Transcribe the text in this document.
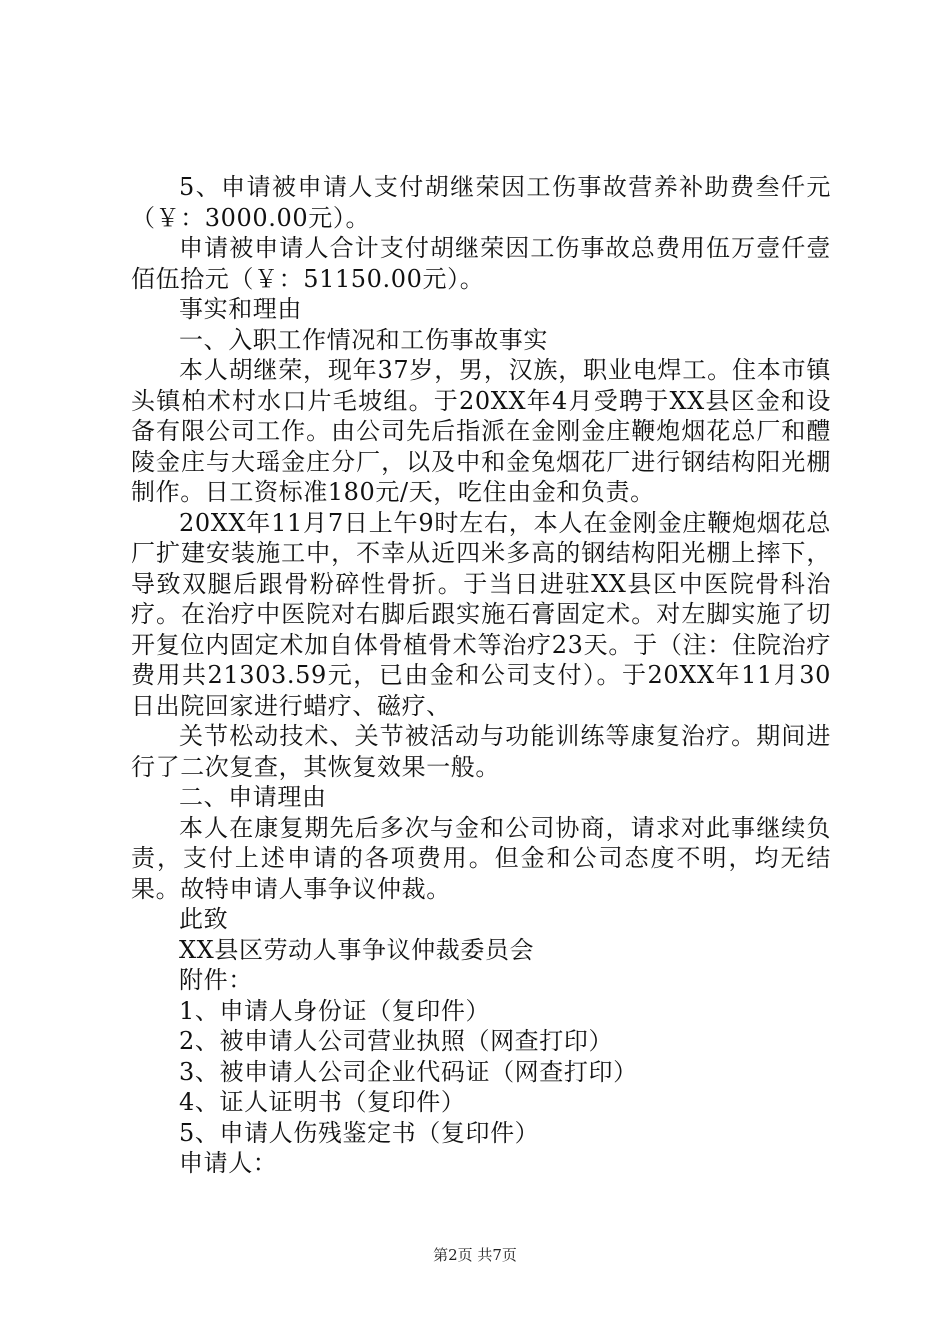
5、申请被申请人支付胡继荣因工伤事故营养补助费叁仟元（￥：3000.00元）。

申请被申请人合计支付胡继荣因工伤事故总费用伍万壹仟壹佰伍拾元（￥：51150.00元）。

事实和理由

一、入职工作情况和工伤事故事实

本人胡继荣，现年37岁，男，汉族，职业电焊工。住本市镇头镇柏术村水口片毛坡组。于20XX年4月受聘于XX县区金和设备有限公司工作。由公司先后指派在金刚金庄鞭炮烟花总厂和醴陵金庄与大瑶金庄分厂，以及中和金兔烟花厂进行钢结构阳光棚制作。日工资标准180元/天，吃住由金和负责。

20XX年11月7日上午9时左右，本人在金刚金庄鞭炮烟花总厂扩建安装施工中，不幸从近四米多高的钢结构阳光棚上摔下，导致双腿后跟骨粉碎性骨折。于当日进驻XX县区中医院骨科治疗。在治疗中医院对右脚后跟实施石膏固定术。对左脚实施了切开复位内固定术加自体骨植骨术等治疗23天。于（注：住院治疗费用共21303.59元，已由金和公司支付）。于20XX年11月30日出院回家进行蜡疗、磁疗、

关节松动技术、关节被活动与功能训练等康复治疗。期间进行了二次复查，其恢复效果一般。

二、申请理由

本人在康复期先后多次与金和公司协商，请求对此事继续负责，支付上述申请的各项费用。但金和公司态度不明，均无结果。故特申请人事争议仲裁。

此致

XX县区劳动人事争议仲裁委员会

附件：

1、申请人身份证（复印件）

2、被申请人公司营业执照（网查打印）

3、被申请人公司企业代码证（网查打印）

4、证人证明书（复印件）

5、申请人伤残鉴定书（复印件）

申请人：

第2页 共7页
